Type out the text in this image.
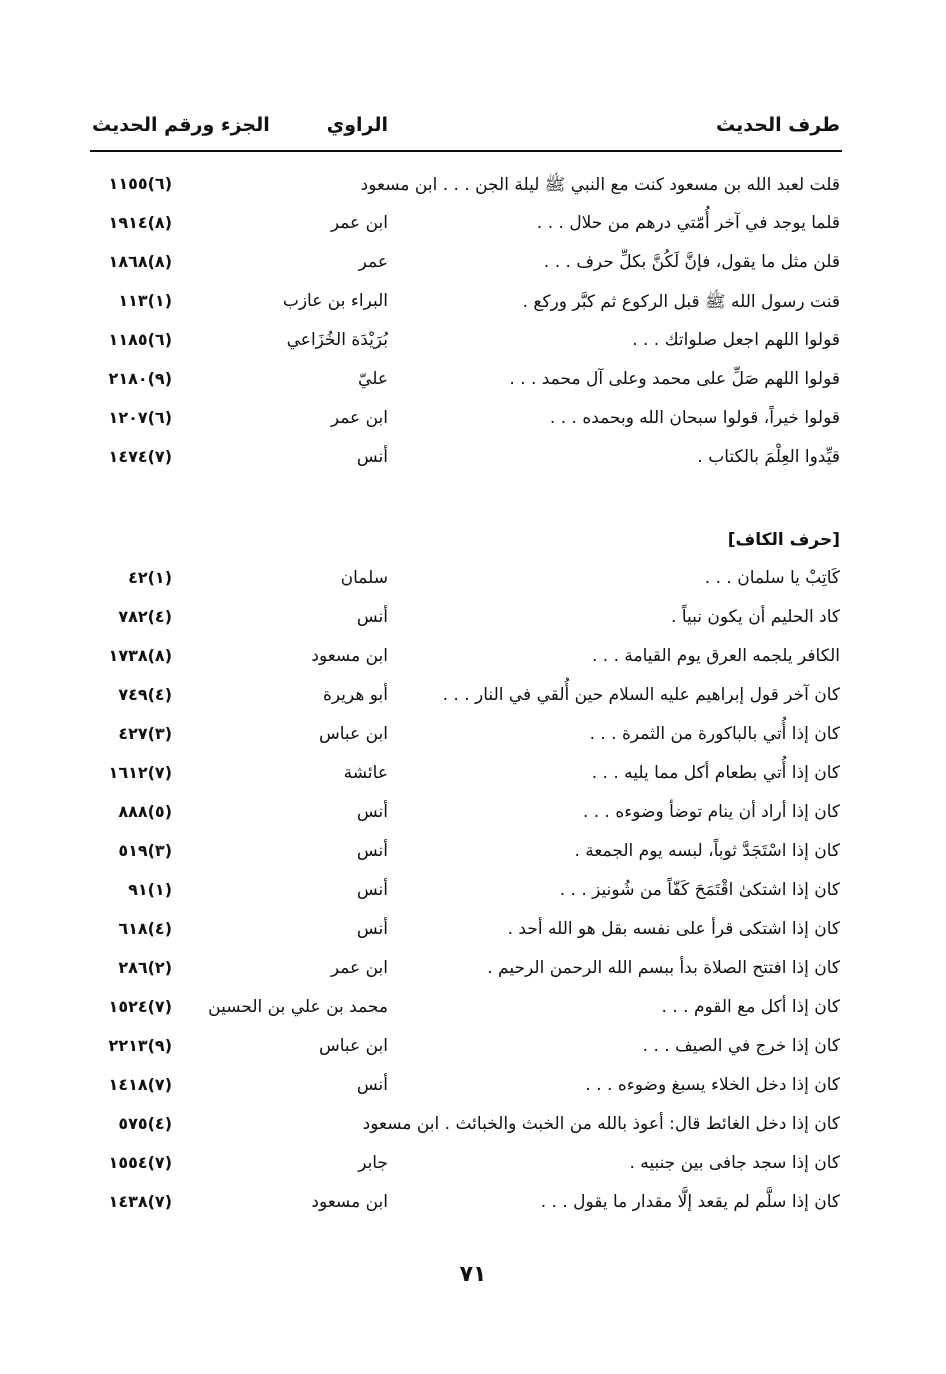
طرف الحديث
الراوي
الجزء ورقم الحديث
قلت لعبد الله بن مسعود كنت مع النبي ﷺ ليلة الجن . . . ابن مسعود
(٦)١١٥٥
قلما يوجد في آخر أُمّتي درهم من حلال . . .
ابن عمر
(٨)١٩١٤
قلن مثل ما يقول، فإنَّ لَكُنَّ بكلِّ حرف . . .
عمر
(٨)١٨٦٨
قنت رسول الله ﷺ قبل الركوع ثم كبَّر وركع .
البراء بن عازب
(١)١١٣
قولوا اللهم اجعل صلواتك . . .
بُرَيْدَة الخُزَاعي
(٦)١١٨٥
قولوا اللهم صَلِّ على محمد وعلى آل محمد . . .
عليّ
(٩)٢١٨٠
قولوا خيراً، قولوا سبحان الله وبحمده . . .
ابن عمر
(٦)١٢٠٧
قيِّدوا العِلْمَ بالكتاب .
أنس
(٧)١٤٧٤
[حرف الكاف]
كَاتِبْ يا سلمان . . .
سلمان
(١)٤٢
كاد الحليم أن يكون نبياً .
أنس
(٤)٧٨٢
الكافر يلجمه العرق يوم القيامة . . .
ابن مسعود
(٨)١٧٣٨
كان آخر قول إبراهيم عليه السلام حين أُلقي في النار . . .
أبو هريرة
(٤)٧٤٩
كان إذا أُتي بالباكورة من الثمرة . . .
ابن عباس
(٣)٤٢٧
كان إذا أُتي بطعام أكل مما يليه . . .
عائشة
(٧)١٦١٢
كان إذا أراد أن ينام توضأ وضوءه . . .
أنس
(٥)٨٨٨
كان إذا اسْتَجَدَّ ثوباً، لبسه يوم الجمعة .
أنس
(٣)٥١٩
كان إذا اشتكىٰ اقْتَمَحَ كَفّاً من شُونيز . . .
أنس
(١)٩١
كان إذا اشتكى قرأ على نفسه بقل هو الله أحد .
أنس
(٤)٦١٨
كان إذا افتتح الصلاة بدأ ببسم الله الرحمن الرحيم .
ابن عمر
(٢)٢٨٦
كان إذا أكل مع القوم . . .
محمد بن علي بن الحسين
(٧)١٥٢٤
كان إذا خرج في الصيف . . .
ابن عباس
(٩)٢٢١٣
كان إذا دخل الخلاء يسبغ وضوءه . . .
أنس
(٧)١٤١٨
كان إذا دخل الغائط قال: أعوذ بالله من الخبث والخبائث . ابن مسعود
(٤)٥٧٥
كان إذا سجد جافى بين جنبيه .
جابر
(٧)١٥٥٤
كان إذا سلَّم لم يقعد إلَّا مقدار ما يقول . . .
ابن مسعود
(٧)١٤٣٨
٧١
